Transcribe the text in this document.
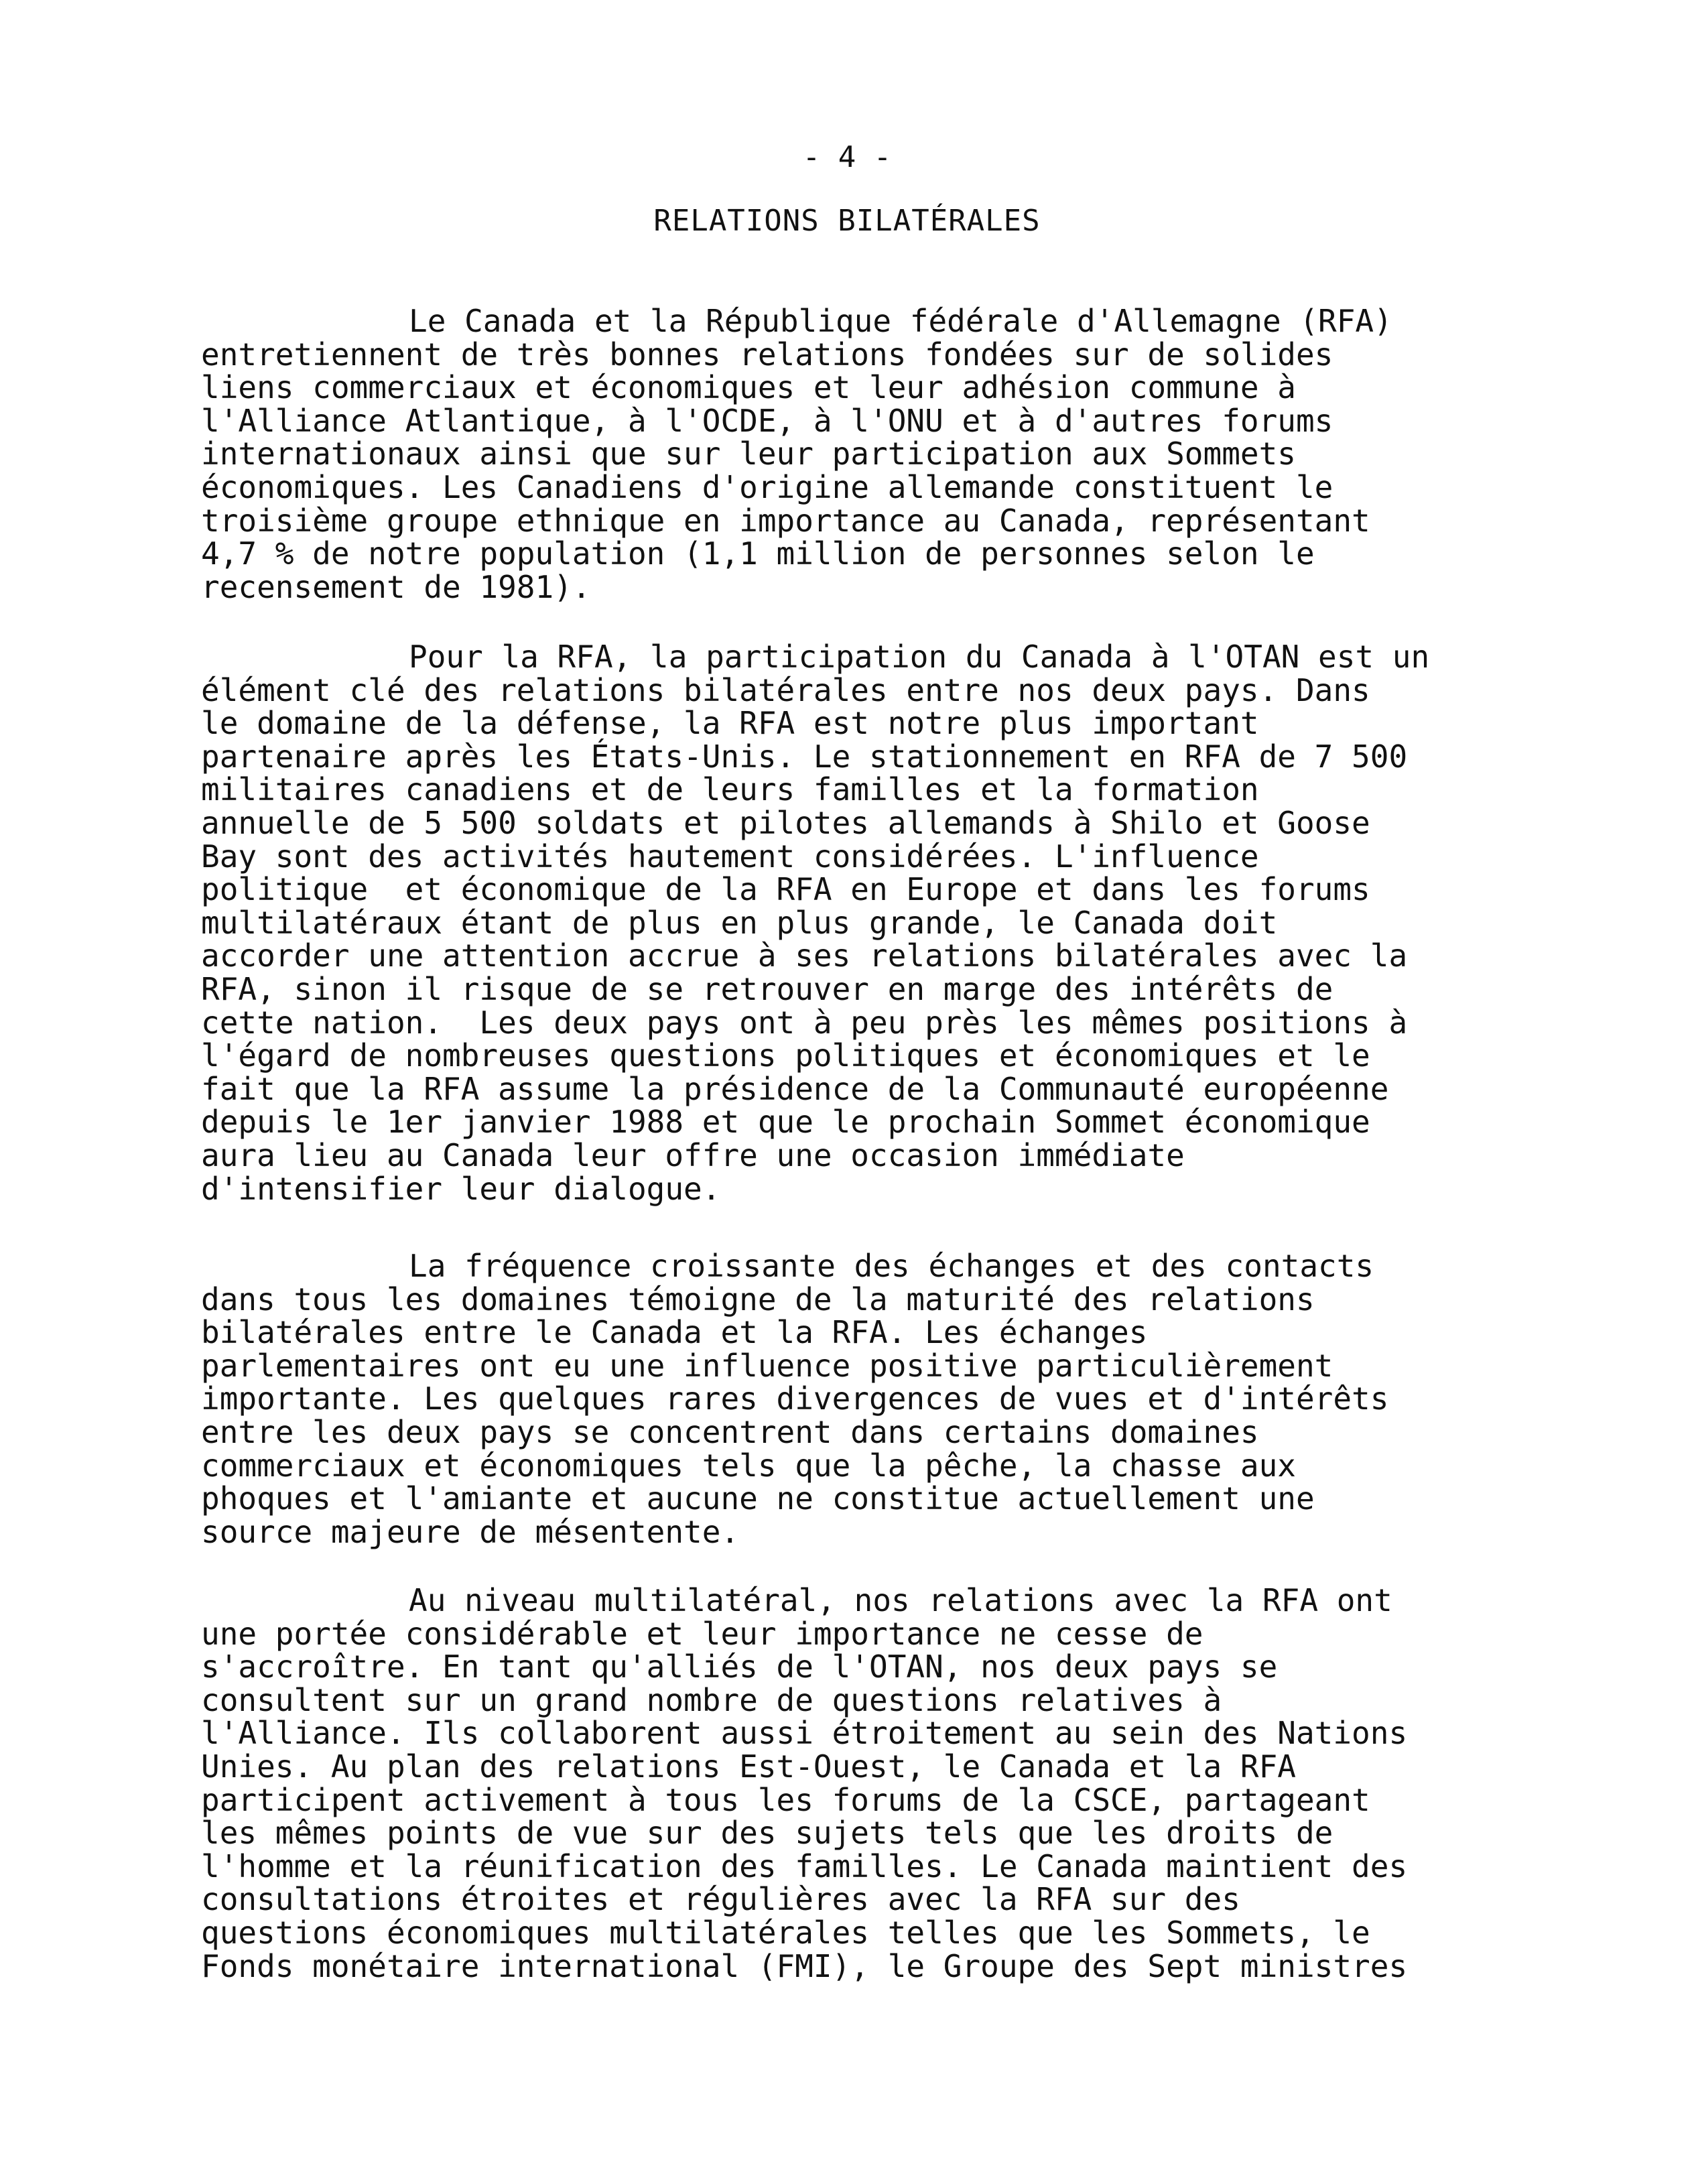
- 4 -
RELATIONS BILATÉRALES
Le Canada et la République fédérale d'Allemagne (RFA)
entretiennent de très bonnes relations fondées sur de solides
liens commerciaux et économiques et leur adhésion commune à
l'Alliance Atlantique, à l'OCDE, à l'ONU et à d'autres forums
internationaux ainsi que sur leur participation aux Sommets
économiques. Les Canadiens d'origine allemande constituent le
troisième groupe ethnique en importance au Canada, représentant
4,7 % de notre population (1,1 million de personnes selon le
recensement de 1981).
Pour la RFA, la participation du Canada à l'OTAN est un
élément clé des relations bilatérales entre nos deux pays. Dans
le domaine de la défense, la RFA est notre plus important
partenaire après les États-Unis. Le stationnement en RFA de 7 500
militaires canadiens et de leurs familles et la formation
annuelle de 5 500 soldats et pilotes allemands à Shilo et Goose
Bay sont des activités hautement considérées. L'influence
politique  et économique de la RFA en Europe et dans les forums
multilatéraux étant de plus en plus grande, le Canada doit
accorder une attention accrue à ses relations bilatérales avec la
RFA, sinon il risque de se retrouver en marge des intérêts de
cette nation.  Les deux pays ont à peu près les mêmes positions à
l'égard de nombreuses questions politiques et économiques et le
fait que la RFA assume la présidence de la Communauté européenne
depuis le 1er janvier 1988 et que le prochain Sommet économique
aura lieu au Canada leur offre une occasion immédiate
d'intensifier leur dialogue.
La fréquence croissante des échanges et des contacts
dans tous les domaines témoigne de la maturité des relations
bilatérales entre le Canada et la RFA. Les échanges
parlementaires ont eu une influence positive particulièrement
importante. Les quelques rares divergences de vues et d'intérêts
entre les deux pays se concentrent dans certains domaines
commerciaux et économiques tels que la pêche, la chasse aux
phoques et l'amiante et aucune ne constitue actuellement une
source majeure de mésentente.
Au niveau multilatéral, nos relations avec la RFA ont
une portée considérable et leur importance ne cesse de
s'accroître. En tant qu'alliés de l'OTAN, nos deux pays se
consultent sur un grand nombre de questions relatives à
l'Alliance. Ils collaborent aussi étroitement au sein des Nations
Unies. Au plan des relations Est-Ouest, le Canada et la RFA
participent activement à tous les forums de la CSCE, partageant
les mêmes points de vue sur des sujets tels que les droits de
l'homme et la réunification des familles. Le Canada maintient des
consultations étroites et régulières avec la RFA sur des
questions économiques multilatérales telles que les Sommets, le
Fonds monétaire international (FMI), le Groupe des Sept ministres
